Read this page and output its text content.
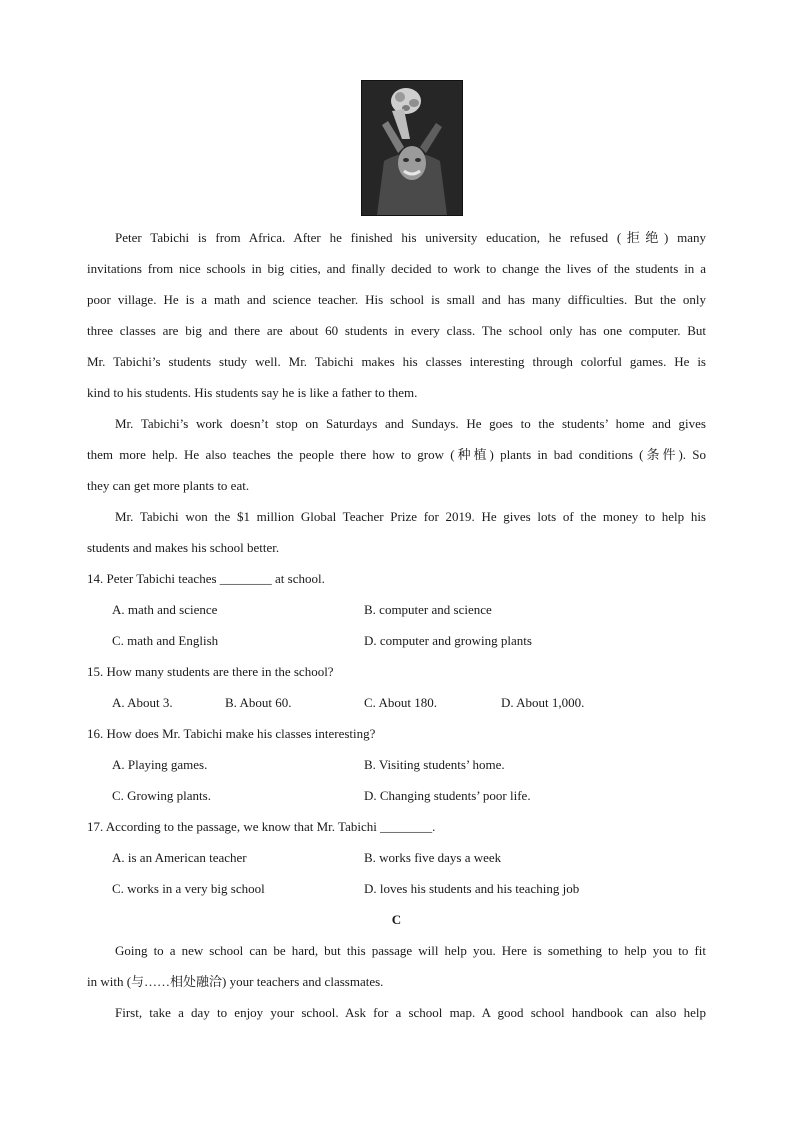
Peter Tabichi is from Africa. After he finished his university education, he refused (拒绝) many
invitations from nice schools in big cities, and finally decided to work to change the lives of the students in a
poor village. He is a math and science teacher. His school is small and has many difficulties. But the only
three classes are big and there are about 60 students in every class. The school only has one computer. But
Mr. Tabichi’s students study well. Mr. Tabichi makes his classes interesting through colorful games. He is
kind to his students. His students say he is like a father to them.
Mr. Tabichi’s work doesn’t stop on Saturdays and Sundays. He goes to the students’ home and gives
them more help. He also teaches the people there how to grow (种植) plants in bad conditions (条件). So
they can get more plants to eat.
Mr. Tabichi won the $1 million Global Teacher Prize for 2019. He gives lots of the money to help his
students and makes his school better.
14. Peter Tabichi teaches ________ at school.
A. math and science	B. computer and science
C. math and English	D. computer and growing plants
15. How many students are there in the school?
A. About 3.	B. About 60.	C. About 180.	D. About 1,000.
16. How does Mr. Tabichi make his classes interesting?
A. Playing games.	B. Visiting students’ home.
C. Growing plants.	D. Changing students’ poor life.
17. According to the passage, we know that Mr. Tabichi ________.
A. is an American teacher	B. works five days a week
C. works in a very big school	D. loves his students and his teaching job
C
Going to a new school can be hard, but this passage will help you. Here is something to help you to fit
in with (与……相处融洽) your teachers and classmates.
First, take a day to enjoy your school. Ask for a school map. A good school handbook can also help
